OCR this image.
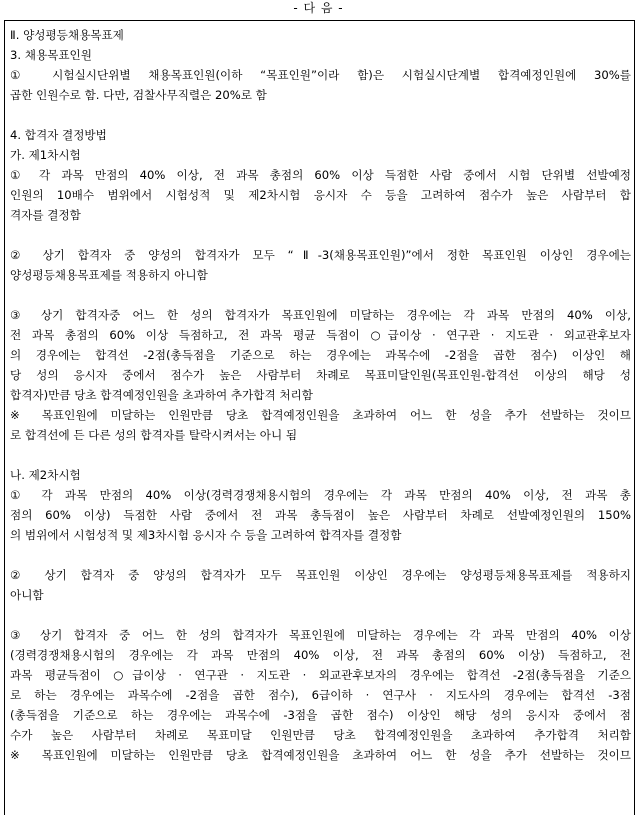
- 다 음 -
Ⅱ. 양성평등채용목표제
3. 채용목표인원
① 시험실시단위별 채용목표인원(이하 “목표인원”이라 함)은 시험실시단계별 합격예정인원에 30%를
곱한 인원수로 함. 다만, 검찰사무직렬은 20%로 함
4. 합격자 결정방법
가. 제1차시험
① 각 과목 만점의 40% 이상, 전 과목 총점의 60% 이상 득점한 사람 중에서 시험 단위별 선발예정
인원의 10배수 범위에서 시험성적 및 제2차시험 응시자 수 등을 고려하여 점수가 높은 사람부터 합
격자를 결정함
② 상기 합격자 중 양성의 합격자가 모두 “Ⅱ-3(채용목표인원)”에서 정한 목표인원 이상인 경우에는
양성평등채용목표제를 적용하지 아니함
③ 상기 합격자중 어느 한 성의 합격자가 목표인원에 미달하는 경우에는 각 과목 만점의 40% 이상,
전 과목 총점의 60% 이상 득점하고, 전 과목 평균 득점이 ○급이상 · 연구관 · 지도관 · 외교관후보자
의 경우에는 합격선 -2점(총득점을 기준으로 하는 경우에는 과목수에 -2점을 곱한 점수) 이상인 해
당 성의 응시자 중에서 점수가 높은 사람부터 차례로 목표미달인원(목표인원-합격선 이상의 해당 성
합격자)만큼 당초 합격예정인원을 초과하여 추가합격 처리함
※ 목표인원에 미달하는 인원만큼 당초 합격예정인원을 초과하여 어느 한 성을 추가 선발하는 것이므
로 합격선에 든 다른 성의 합격자를 탈락시켜서는 아니 됨
나. 제2차시험
① 각 과목 만점의 40% 이상(경력경쟁채용시험의 경우에는 각 과목 만점의 40% 이상, 전 과목 총
점의 60% 이상) 득점한 사람 중에서 전 과목 총득점이 높은 사람부터 차례로 선발예정인원의 150%
의 범위에서 시험성적 및 제3차시험 응시자 수 등을 고려하여 합격자를 결정함
② 상기 합격자 중 양성의 합격자가 모두 목표인원 이상인 경우에는 양성평등채용목표제를 적용하지
아니함
③ 상기 합격자 중 어느 한 성의 합격자가 목표인원에 미달하는 경우에는 각 과목 만점의 40% 이상
(경력경쟁채용시험의 경우에는 각 과목 만점의 40% 이상, 전 과목 총점의 60% 이상) 득점하고, 전
과목 평균득점이 ○급이상 · 연구관 · 지도관 · 외교관후보자의 경우에는 합격선 -2점(총득점을 기준으
로 하는 경우에는 과목수에 -2점을 곱한 점수), 6급이하 · 연구사 · 지도사의 경우에는 합격선 -3점
(총득점을 기준으로 하는 경우에는 과목수에 -3점을 곱한 점수) 이상인 해당 성의 응시자 중에서 점
수가 높은 사람부터 차례로 목표미달 인원만큼 당초 합격예정인원을 초과하여 추가합격 처리함
※ 목표인원에 미달하는 인원만큼 당초 합격예정인원을 초과하여 어느 한 성을 추가 선발하는 것이므
